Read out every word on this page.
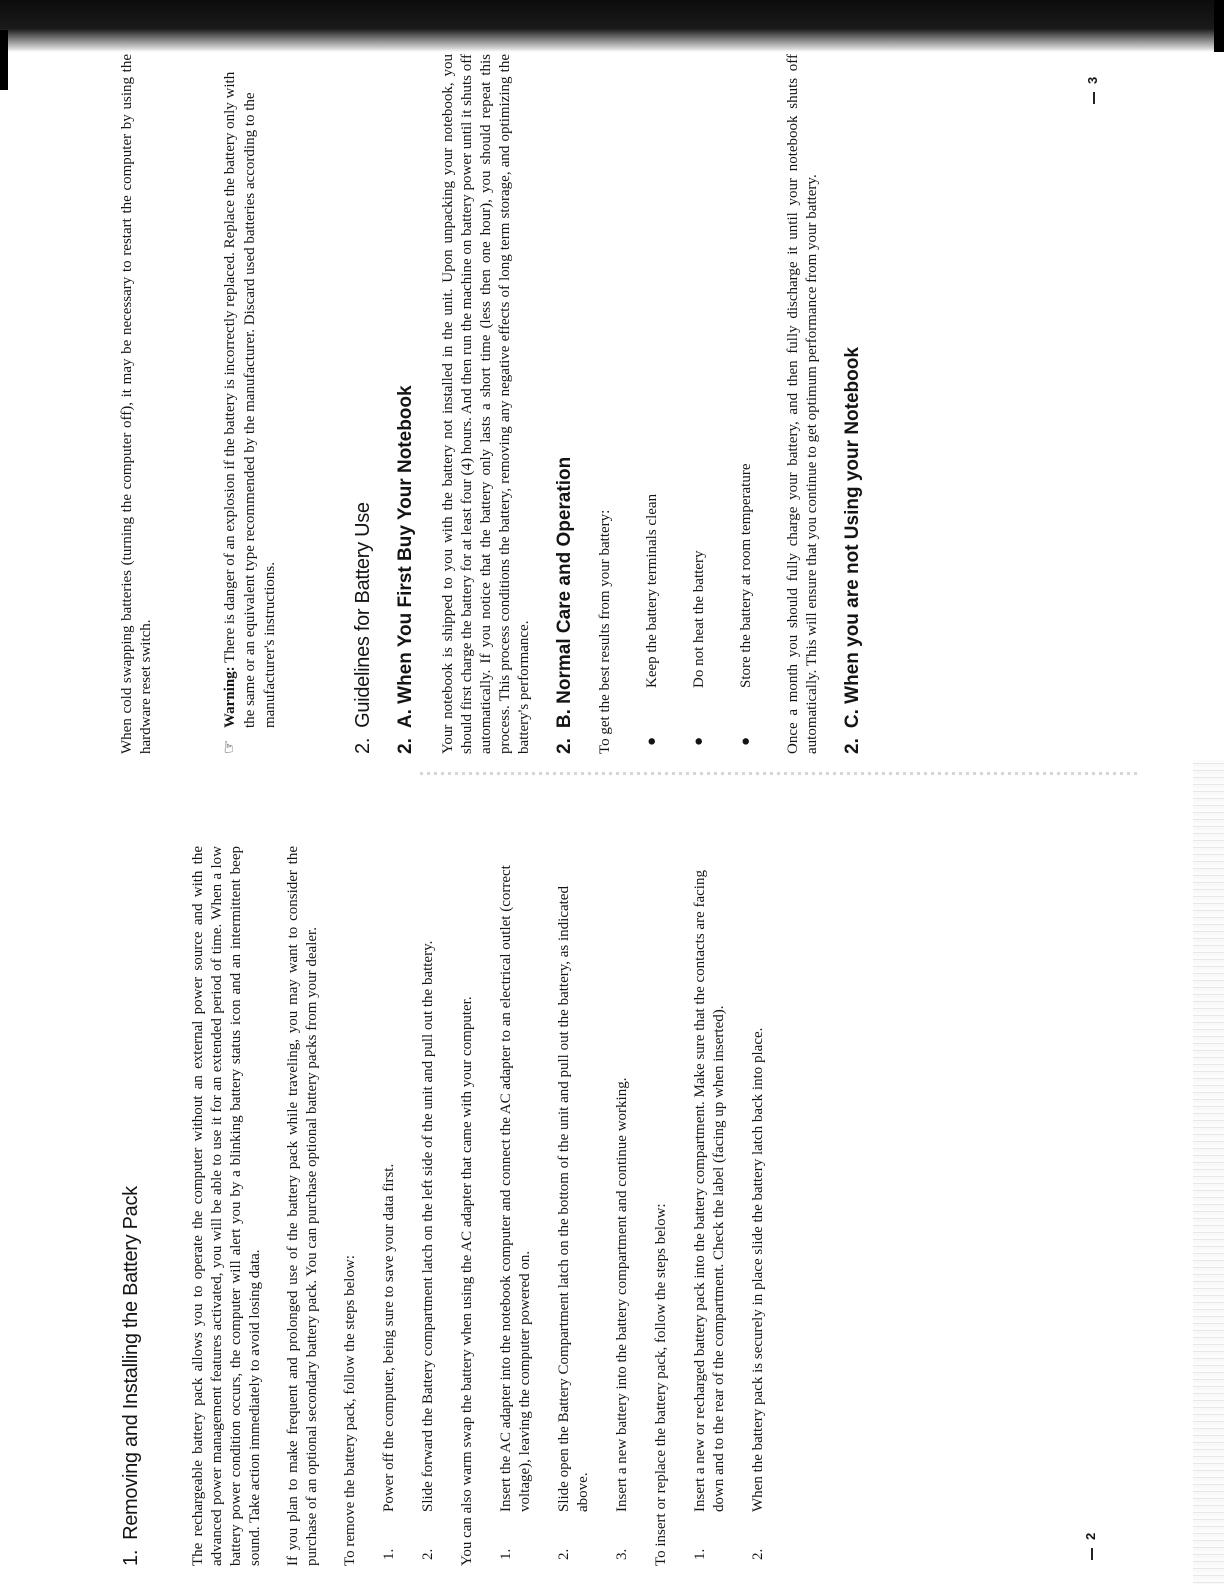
1.Removing and Installing the Battery Pack	The rechargeable battery pack allows you to operate the computer without an external power source and with the advanced power management features activated, you will be able to use it for an extended period of time. When a low battery power condition occurs, the computer will alert you by a blinking battery status icon and an intermittent beep sound. Take action immediately to avoid losing data. If you plan to make frequent and prolonged use of the battery pack while traveling, you may want to consider the purchase of an optional secondary battery pack. You can purchase optional battery packs from your dealer. To remove the battery pack, follow the steps below: 1.
Power off the computer, being sure to save your data first.
2.
Slide forward the Battery compartment latch on the left side of the unit and pull out the battery. You can also warm swap the battery when using the AC adapter that came with your computer. 1.
Insert the AC adapter into the notebook computer and connect the AC adapter to an electrical outlet (correct voltage), leaving the computer powered on.
2.
Slide open the Battery Compartment latch on the bottom of the unit and pull out the battery, as indicated above.
3.
Insert a new battery into the battery compartment and continue working. To insert or replace the battery pack, follow the steps below: 1.
Insert a new or recharged battery pack into the battery compartment. Make sure that the contacts are facing down and to the rear of the compartment. Check the label (facing up when inserted).
2.
When the battery pack is securely in place slide the battery latch back into place.
2

When cold swapping batteries (turning the computer off), it may be necessary to restart the computer by using the hardware reset switch.	☞
Warning: There is danger of an explosion if the battery is incorrectly replaced. Replace the battery only with the same or an equivalent type recommended by the manufacturer. Discard used batteries according to the manufacturer's instructions.
2.Guidelines for Battery Use
2.A. When You First Buy Your Notebook Your notebook is shipped to you with the battery not installed in the unit. Upon unpacking your notebook, you should first charge the battery for at least four (4) hours. And then run the machine on battery power until it shuts off automatically. If you notice that the battery only lasts a short time (less then one hour), you should repeat this process. This process conditions the battery, removing any negative effects of long term storage, and optimizing the battery's performance. 2.B. Normal Care and Operation To get the best results from your battery: ●
Keep the battery terminals clean
●
Do not heat the battery
●
Store the battery at room temperature Once a month you should fully charge your battery, and then fully discharge it until your notebook shuts off automatically. This will ensure that you continue to get optimum performance from your battery. 2.C. When you are not Using your Notebook
3
